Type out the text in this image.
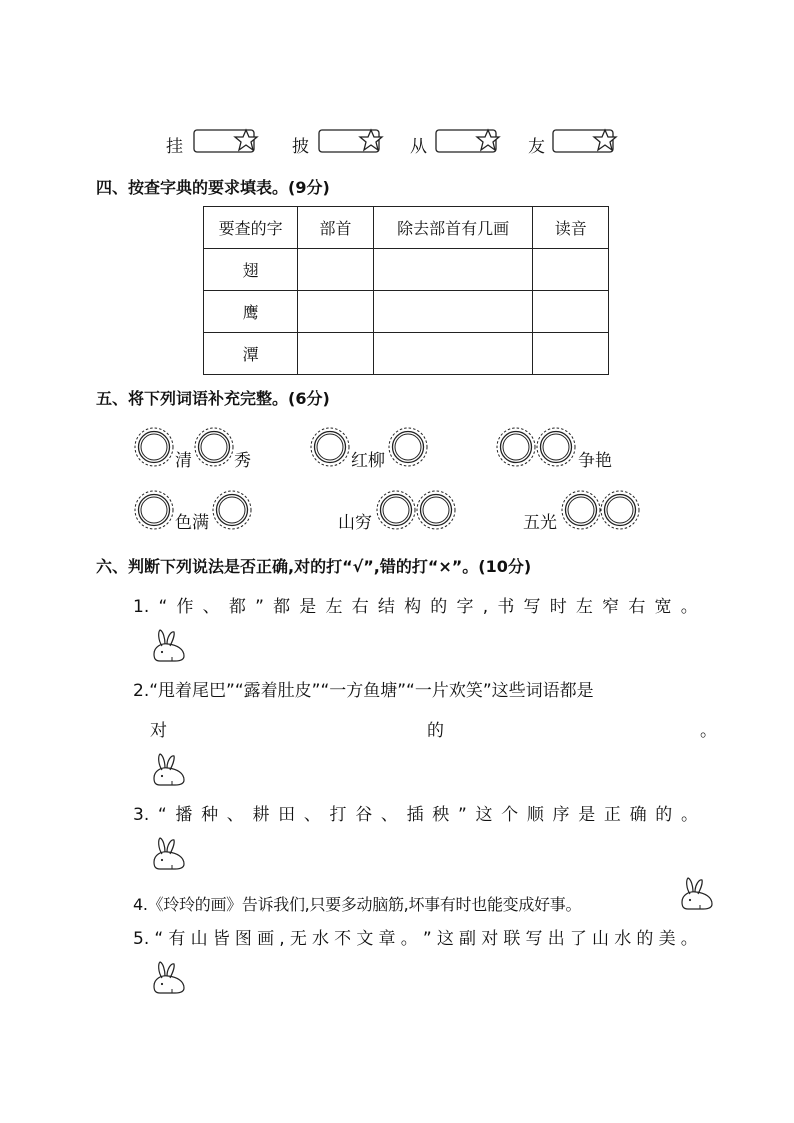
挂	披	从	友
四、按查字典的要求填表。(9分)
要查的字	部首	除去部首有几画	读音
翅			
鹰			
潭			
五、将下列词语补充完整。(6分)
清 秀	红柳	争艳
色满	山穷	五光
六、判断下列说法是否正确,对的打“√”,错的打“×”。(10分)
1. “ 作 、 都 ” 都 是 左 右 结 构 的 字 , 书 写 时 左 窄 右 宽 。
2.“甩着尾巴”“露着肚皮”“一方鱼塘”“一片欢笑”这些词语都是
对	的	。
3. “ 播 种 、 耕 田 、 打 谷 、 插 秧 ” 这 个 顺 序 是 正 确 的 。
4.《玲玲的画》告诉我们,只要多动脑筋,坏事有时也能变成好事。
5. “ 有 山 皆 图 画 , 无 水 不 文 章 。 ” 这 副 对 联 写 出 了 山 水 的 美 。
